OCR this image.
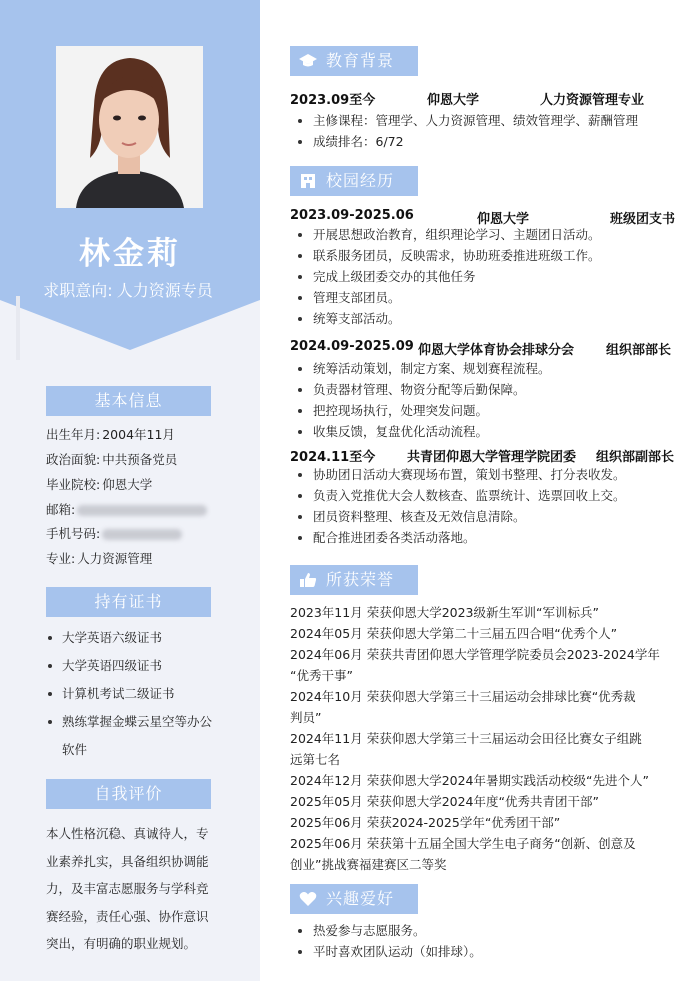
林金莉
求职意向: 人力资源专员
基本信息
出生年月: 2004年11月
政治面貌: 中共预备党员
毕业院校: 仰恩大学
邮箱:
手机号码:
专业: 人力资源管理
持有证书
大学英语六级证书
大学英语四级证书
计算机考试二级证书
熟练掌握金蝶云星空等办公
软件
自我评价
本人性格沉稳、真诚待人，专
业素养扎实，具备组织协调能
力，及丰富志愿服务与学科竞
赛经验，责任心强、协作意识
突出，有明确的职业规划。
教育背景
2023.09至今	仰恩大学	人力资源管理专业
主修课程：管理学、人力资源管理、绩效管理学、薪酬管理
成绩排名：6/72
校园经历
2023.09-2025.06	仰恩大学	班级团支书
开展思想政治教育，组织理论学习、主题团日活动。
联系服务团员，反映需求，协助班委推进班级工作。
完成上级团委交办的其他任务
管理支部团员。
统筹支部活动。
2024.09-2025.09 仰恩大学体育协会排球分会 组织部部长
统筹活动策划，制定方案、规划赛程流程。
负责器材管理、物资分配等后勤保障。
把控现场执行，处理突发问题。
收集反馈，复盘优化活动流程。
2024.11至今 共青团仰恩大学管理学院团委 组织部副部长
协助团日活动大赛现场布置，策划书整理、打分表收发。
负责入党推优大会人数核查、监票统计、选票回收上交。
团员资料整理、核查及无效信息清除。
配合推进团委各类活动落地。
所获荣誉
2023年11月 荣获仰恩大学2023级新生军训“军训标兵”
2024年05月 荣获仰恩大学第二十三届五四合唱“优秀个人”
2024年06月 荣获共青团仰恩大学管理学院委员会2023-2024学年
“优秀干事”
2024年10月 荣获仰恩大学第三十三届运动会排球比赛“优秀裁
判员”
2024年11月 荣获仰恩大学第三十三届运动会田径比赛女子组跳
远第七名
2024年12月 荣获仰恩大学2024年暑期实践活动校级“先进个人”
2025年05月 荣获仰恩大学2024年度“优秀共青团干部”
2025年06月 荣获2024-2025学年“优秀团干部”
2025年06月 荣获第十五届全国大学生电子商务“创新、创意及
创业”挑战赛福建赛区二等奖
兴趣爱好
热爱参与志愿服务。
平时喜欢团队运动（如排球）。
